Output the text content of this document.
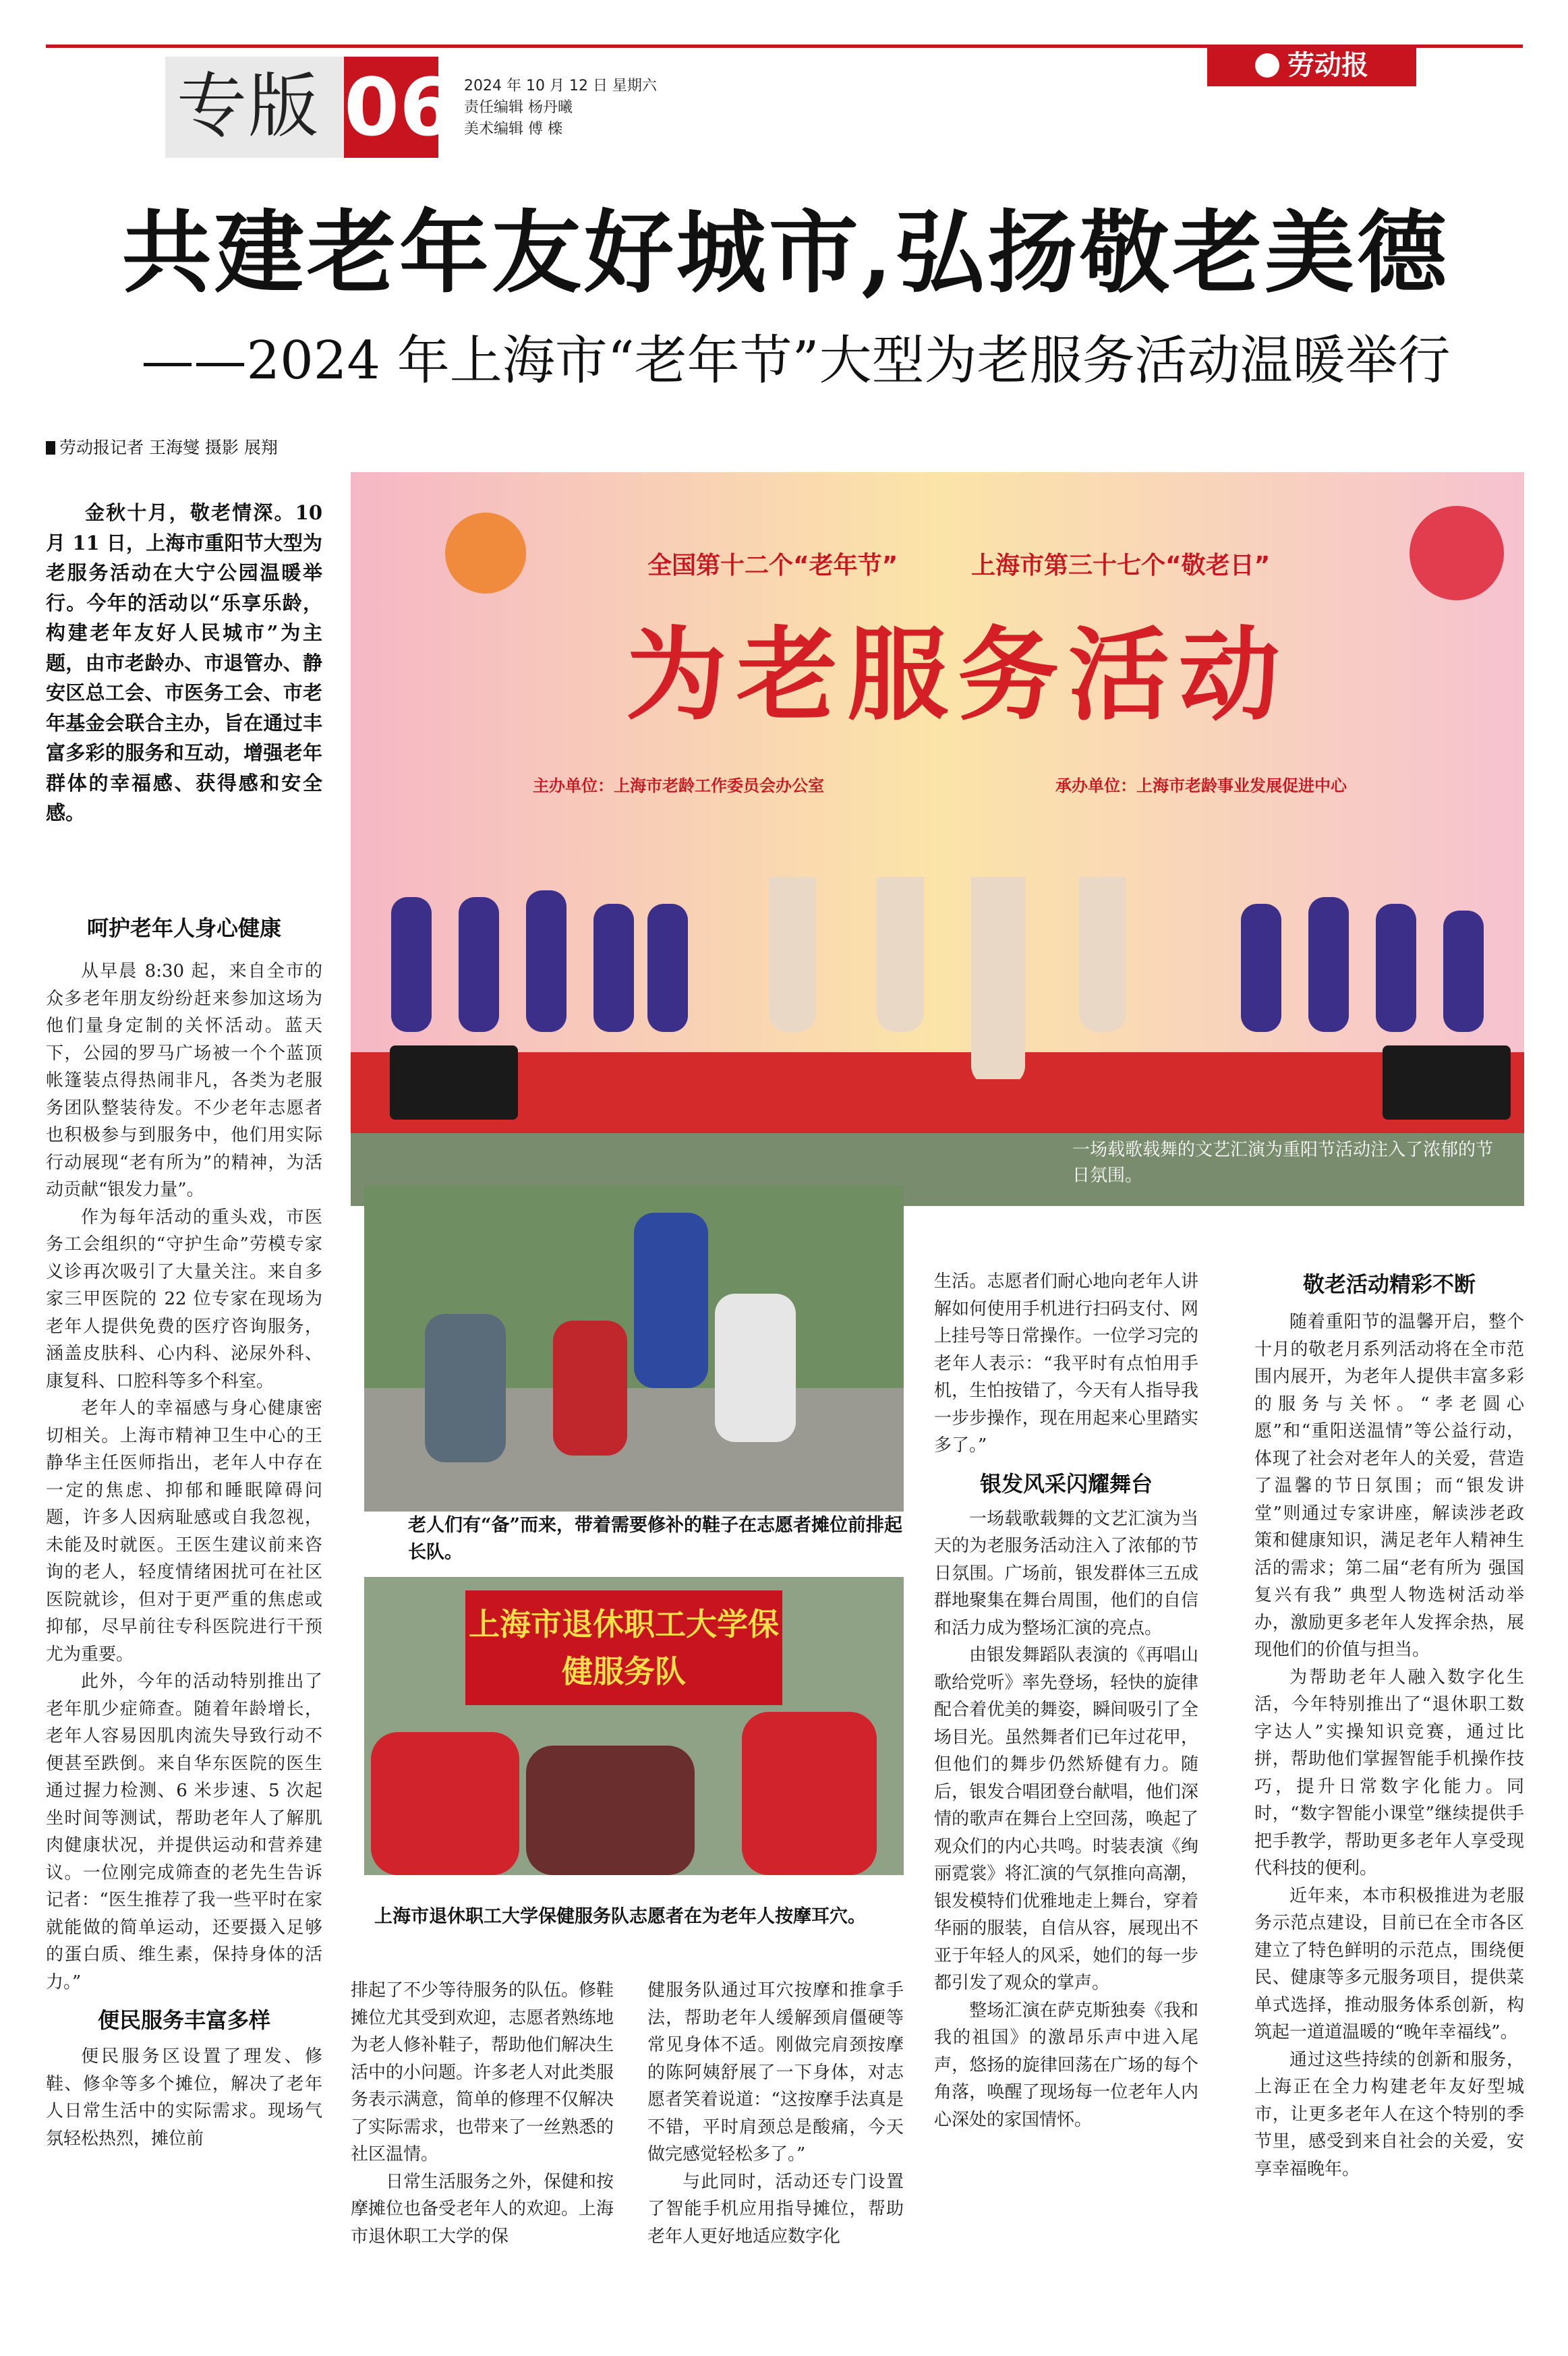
专版 06 2024 年 10 月 12 日 星期六
责任编辑 杨丹曦
美术编辑 傅 檪
劳动报
共建老年友好城市,弘扬敬老美德
——2024 年上海市“老年节”大型为老服务活动温暖举行
劳动报记者 王海燮 摄影 展翔

金秋十月，敬老情深。10 月 11 日，上海市重阳节大型为老服务活动在大宁公园温暖举行。今年的活动以“乐享乐龄，构建老年友好人民城市”为主题，由市老龄办、市退管办、静安区总工会、市医务工会、市老年基金会联合主办，旨在通过丰富多彩的服务和互动，增强老年群体的幸福感、获得感和安全感。

呵护老年人身心健康

从早晨 8:30 起，来自全市的众多老年朋友纷纷赶来参加这场为他们量身定制的关怀活动。蓝天下，公园的罗马广场被一个个蓝顶帐篷装点得热闹非凡，各类为老服务团队整装待发。不少老年志愿者也积极参与到服务中，他们用实际行动展现“老有所为”的精神，为活动贡献“银发力量”。

作为每年活动的重头戏，市医务工会组织的“守护生命”劳模专家义诊再次吸引了大量关注。来自多家三甲医院的 22 位专家在现场为老年人提供免费的医疗咨询服务，涵盖皮肤科、心内科、泌尿外科、康复科、口腔科等多个科室。

老年人的幸福感与身心健康密切相关。上海市精神卫生中心的王静华主任医师指出，老年人中存在一定的焦虑、抑郁和睡眠障碍问题，许多人因病耻感或自我忽视，未能及时就医。王医生建议前来咨询的老人，轻度情绪困扰可在社区医院就诊，但对于更严重的焦虑或抑郁，尽早前往专科医院进行干预尤为重要。

此外，今年的活动特别推出了老年肌少症筛查。随着年龄增长，老年人容易因肌肉流失导致行动不便甚至跌倒。来自华东医院的医生通过握力检测、6 米步速、5 次起坐时间等测试，帮助老年人了解肌肉健康状况，并提供运动和营养建议。一位刚完成筛查的老先生告诉记者：“医生推荐了我一些平时在家就能做的简单运动，还要摄入足够的蛋白质、维生素，保持身体的活力。”

便民服务丰富多样

便民服务区设置了理发、修鞋、修伞等多个摊位，解决了老年人日常生活中的实际需求。现场气氛轻松热烈，摊位前

全国第十二个“老年节”	上海市第三十七个“敬老日”
为老服务活动
主办单位：上海市老龄工作委员会办公室	承办单位：上海市老龄事业发展促进中心
一场载歌载舞的文艺汇演为重阳节活动注入了浓郁的节日氛围。
老人们有“备”而来，带着需要修补的鞋子在志愿者摊位前排起长队。
上海市退休职工大学保健服务队
上海市退休职工大学保健服务队志愿者在为老年人按摩耳穴。

排起了不少等待服务的队伍。修鞋摊位尤其受到欢迎，志愿者熟练地为老人修补鞋子，帮助他们解决生活中的小问题。许多老人对此类服务表示满意，简单的修理不仅解决了实际需求，也带来了一丝熟悉的社区温情。

日常生活服务之外，保健和按摩摊位也备受老年人的欢迎。上海市退休职工大学的保

健服务队通过耳穴按摩和推拿手法，帮助老年人缓解颈肩僵硬等常见身体不适。刚做完肩颈按摩的陈阿姨舒展了一下身体，对志愿者笑着说道：“这按摩手法真是不错，平时肩颈总是酸痛，今天做完感觉轻松多了。”

与此同时，活动还专门设置了智能手机应用指导摊位，帮助老年人更好地适应数字化

生活。志愿者们耐心地向老年人讲解如何使用手机进行扫码支付、网上挂号等日常操作。一位学习完的老年人表示：“我平时有点怕用手机，生怕按错了，今天有人指导我一步步操作，现在用起来心里踏实多了。”

银发风采闪耀舞台

一场载歌载舞的文艺汇演为当天的为老服务活动注入了浓郁的节日氛围。广场前，银发群体三五成群地聚集在舞台周围，他们的自信和活力成为整场汇演的亮点。

由银发舞蹈队表演的《再唱山歌给党听》率先登场，轻快的旋律配合着优美的舞姿，瞬间吸引了全场目光。虽然舞者们已年过花甲，但他们的舞步仍然矫健有力。随后，银发合唱团登台献唱，他们深情的歌声在舞台上空回荡，唤起了观众们的内心共鸣。时装表演《绚丽霓裳》将汇演的气氛推向高潮，银发模特们优雅地走上舞台，穿着华丽的服装，自信从容，展现出不亚于年轻人的风采，她们的每一步都引发了观众的掌声。

整场汇演在萨克斯独奏《我和我的祖国》的激昂乐声中进入尾声，悠扬的旋律回荡在广场的每个角落，唤醒了现场每一位老年人内心深处的家国情怀。

敬老活动精彩不断

随着重阳节的温馨开启，整个十月的敬老月系列活动将在全市范围内展开，为老年人提供丰富多彩的服务与关怀。“孝老圆心愿”和“重阳送温情”等公益行动，体现了社会对老年人的关爱，营造了温馨的节日氛围；而“银发讲堂”则通过专家讲座，解读涉老政策和健康知识，满足老年人精神生活的需求；第二届“老有所为 强国复兴有我” 典型人物选树活动举办，激励更多老年人发挥余热，展现他们的价值与担当。

为帮助老年人融入数字化生活，今年特别推出了“退休职工数字达人”实操知识竞赛，通过比拼，帮助他们掌握智能手机操作技巧，提升日常数字化能力。同时，“数字智能小课堂”继续提供手把手教学，帮助更多老年人享受现代科技的便利。

近年来，本市积极推进为老服务示范点建设，目前已在全市各区建立了特色鲜明的示范点，围绕便民、健康等多元服务项目，提供菜单式选择，推动服务体系创新，构筑起一道道温暖的“晚年幸福线”。

通过这些持续的创新和服务，上海正在全力构建老年友好型城市，让更多老年人在这个特别的季节里，感受到来自社会的关爱，安享幸福晚年。
